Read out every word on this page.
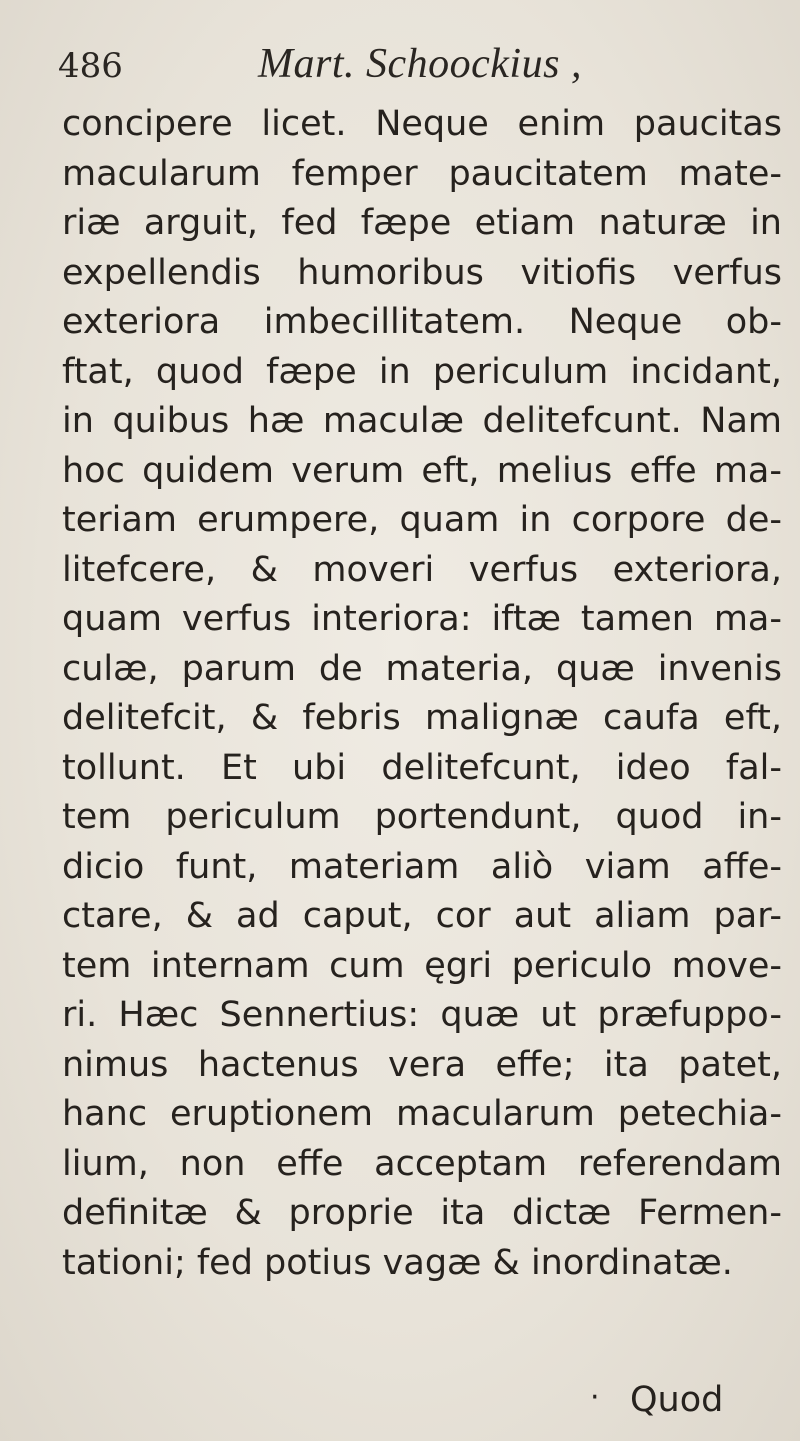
486	Mart. Schoockius ,
concipere licet. Neque enim paucitas
macularum femper paucitatem mate-
riæ arguit, fed fæpe etiam naturæ in
expellendis humoribus vitiofis verfus
exteriora imbecillitatem. Neque ob-
ftat, quod fæpe in periculum incidant,
in quibus hæ maculæ delitefcunt. Nam
hoc quidem verum eft, melius effe ma-
teriam erumpere, quam in corpore de-
litefcere, & moveri verfus exteriora,
quam verfus interiora: iftæ tamen ma-
culæ, parum de materia, quæ invenis
delitefcit, & febris malignæ caufa eft,
tollunt. Et ubi delitefcunt, ideo fal-
tem periculum portendunt, quod in-
dicio funt, materiam aliò viam affe-
ctare, & ad caput, cor aut aliam par-
tem internam cum ęgri periculo move-
ri. Hæc Sennertius: quæ ut præfuppo-
nimus hactenus vera effe; ita patet,
hanc eruptionem macularum petechia-
lium, non effe acceptam referendam
definitæ & proprie ita dictæ Fermen-
tationi; fed potius vagæ & inordinatæ.
· Quod
